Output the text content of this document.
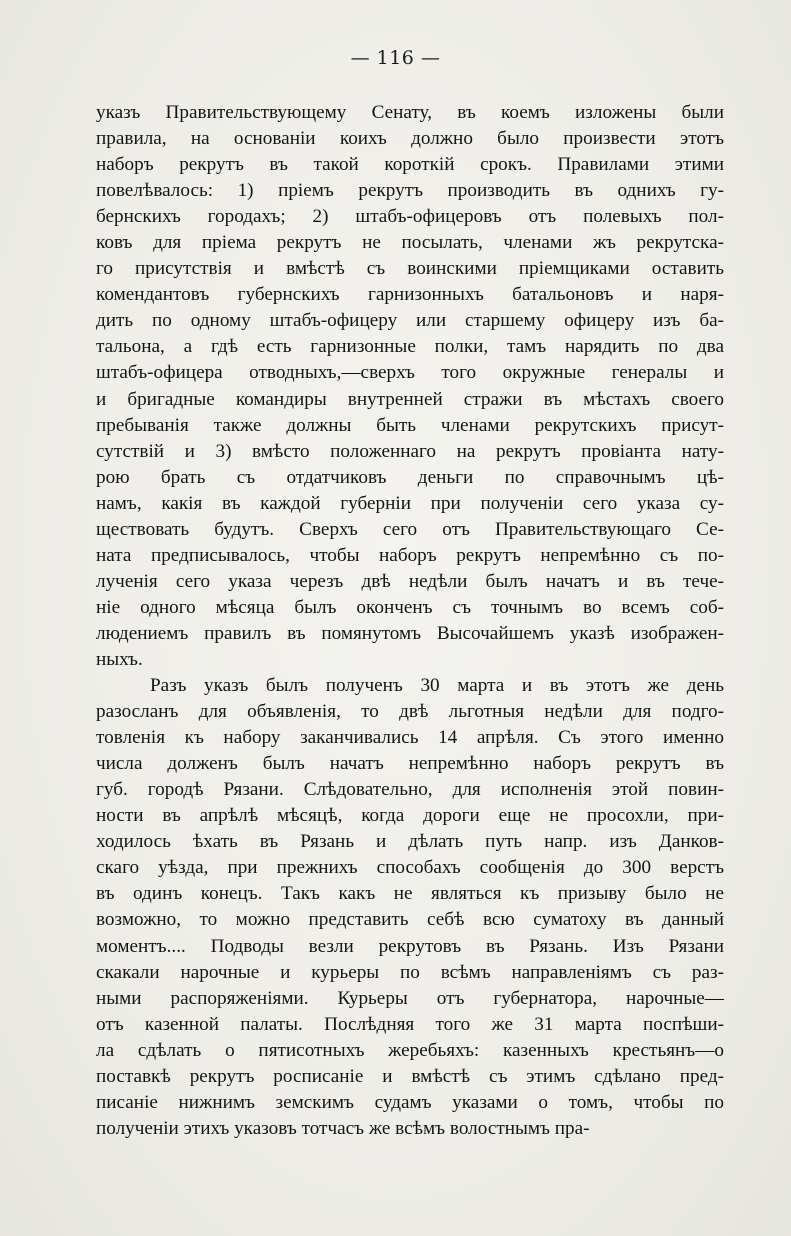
— 116 —
указъ Правительствующему Сенату, въ коемъ изложены были
правила, на основанiи коихъ должно было произвести этотъ
наборъ рекрутъ въ такой короткiй срокъ. Правилами этими
повелѣвалось: 1) прiемъ рекрутъ производить въ однихъ гу-
бернскихъ городахъ; 2) штабъ-офицеровъ отъ полевыхъ пол-
ковъ для прiема рекрутъ не посылать, членами жъ рекрутска-
го присутствiя и вмѣстѣ съ воинскими прiемщиками оставить
комендантовъ губернскихъ гарнизонныхъ батальоновъ и наря-
дить по одному штабъ-офицеру или старшему офицеру изъ ба-
тальона, а гдѣ есть гарнизонные полки, тамъ нарядить по два
штабъ-офицера отводныхъ,—сверхъ того окружные генералы и
и бригадные командиры внутренней стражи въ мѣстахъ своего
пребыванiя также должны быть членами рекрутскихъ присут-
сутствiй и 3) вмѣсто положеннаго на рекрутъ провiанта нату-
рою брать съ отдатчиковъ деньги по справочнымъ цѣ-
намъ, какiя въ каждой губернiи при полученiи сего указа су-
ществовать будутъ. Сверхъ сего отъ Правительствующаго Се-
ната предписывалось, чтобы наборъ рекрутъ непремѣнно съ по-
лученiя сего указа черезъ двѣ недѣли былъ начатъ и въ тече-
нiе одного мѣсяца былъ оконченъ съ точнымъ во всемъ соб-
людениемъ правилъ въ помянутомъ Высочайшемъ указѣ изображен-
ныхъ.
Разъ указъ былъ полученъ 30 марта и въ этотъ же день
разосланъ для объявленiя, то двѣ льготныя недѣли для подго-
товленiя къ набору заканчивались 14 апрѣля. Съ этого именно
числа долженъ былъ начатъ непремѣнно наборъ рекрутъ въ
губ. городѣ Рязани. Слѣдовательно, для исполненiя этой повин-
ности въ апрѣлѣ мѣсяцѣ, когда дороги еще не просохли, при-
ходилось ѣхать въ Рязань и дѣлать путь напр. изъ Данков-
скаго уѣзда, при прежнихъ способахъ сообщенiя до 300 верстъ
въ одинъ конецъ. Такъ какъ не являться къ призыву было не
возможно, то можно представить себѣ всю суматоху въ данный
моментъ.... Подводы везли рекрутовъ въ Рязань. Изъ Рязани
скакали нарочные и курьеры по всѣмъ направленiямъ съ раз-
ными распоряженiями. Курьеры отъ губернатора, нарочные—
отъ казенной палаты. Послѣдняя того же 31 марта поспѣши-
ла сдѣлать о пятисотныхъ жеребьяхъ: казенныхъ крестьянъ—о
поставкѣ рекрутъ росписанiе и вмѣстѣ съ этимъ сдѣлано пред-
писанiе нижнимъ земскимъ судамъ указами о томъ, чтобы по
полученiи этихъ указовъ тотчасъ же всѣмъ волостнымъ пра-
